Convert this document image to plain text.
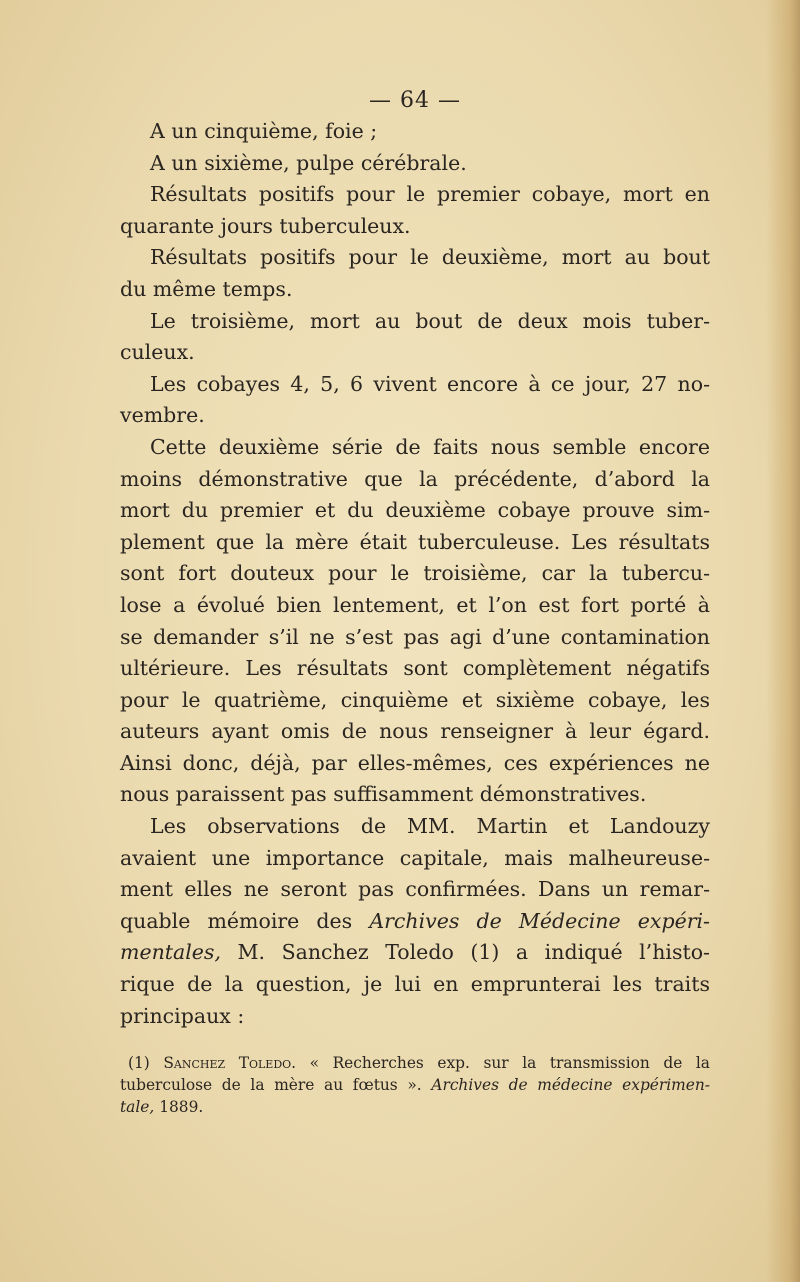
— 64 —
A un cinquième, foie ;
A un sixième, pulpe cérébrale.
Résultats positifs pour le premier cobaye, mort en
quarante jours tuberculeux.
Résultats positifs pour le deuxième, mort au bout
du même temps.
Le troisième, mort au bout de deux mois tuber-
culeux.
Les cobayes 4, 5, 6 vivent encore à ce jour, 27 no-
vembre.
Cette deuxième série de faits nous semble encore
moins démonstrative que la précédente, d’abord la
mort du premier et du deuxième cobaye prouve sim-
plement que la mère était tuberculeuse. Les résultats
sont fort douteux pour le troisième, car la tubercu-
lose a évolué bien lentement, et l’on est fort porté à
se demander s’il ne s’est pas agi d’une contamination
ultérieure. Les résultats sont complètement négatifs
pour le quatrième, cinquième et sixième cobaye, les
auteurs ayant omis de nous renseigner à leur égard.
Ainsi donc, déjà, par elles-mêmes, ces expériences ne
nous paraissent pas suffisamment démonstratives.
Les observations de MM. Martin et Landouzy
avaient une importance capitale, mais malheureuse-
ment elles ne seront pas confirmées. Dans un remar-
quable mémoire des Archives de Médecine expéri-
mentales, M. Sanchez Toledo (1) a indiqué l’histo-
rique de la question, je lui en emprunterai les traits
principaux :
(1) Sanchez Toledo. « Recherches exp. sur la transmission de la
tuberculose de la mère au fœtus ». Archives de médecine expérimen-
tale, 1889.
